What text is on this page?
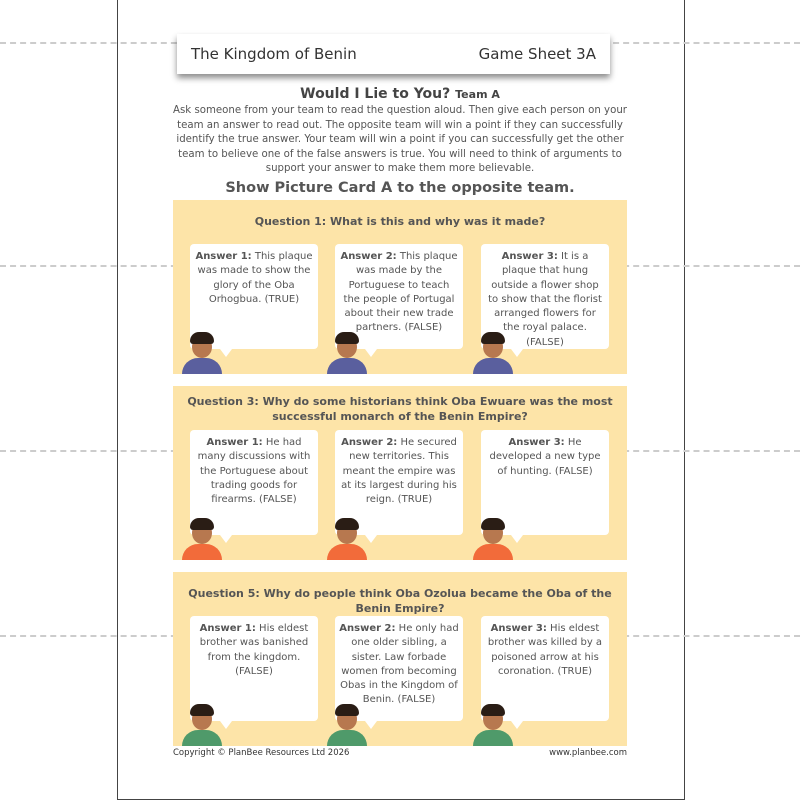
The Kingdom of Benin	Game Sheet 3A
Would I Lie to You? Team A
Ask someone from your team to read the question aloud. Then give each person on your team an answer to read out. The opposite team will win a point if they can successfully identify the true answer. Your team will win a point if you can successfully get the other team to believe one of the false answers is true. You will need to think of arguments to support your answer to make them more believable.
Show Picture Card A to the opposite team.
Question 1: What is this and why was it made?
Answer 1: This plaque was made to show the glory of the Oba Orhogbua. (TRUE)
Answer 2: This plaque was made by the Portuguese to teach the people of Portugal about their new trade partners. (FALSE)
Answer 3: It is a plaque that hung outside a flower shop to show that the florist arranged flowers for the royal palace. (FALSE)
Question 3: Why do some historians think Oba Ewuare was the most successful monarch of the Benin Empire?
Answer 1: He had many discussions with the Portuguese about trading goods for firearms. (FALSE)
Answer 2: He secured new territories. This meant the empire was at its largest during his reign. (TRUE)
Answer 3: He developed a new type of hunting. (FALSE)
Question 5: Why do people think Oba Ozolua became the Oba of the Benin Empire?
Answer 1: His eldest brother was banished from the kingdom. (FALSE)
Answer 2: He only had one older sibling, a sister. Law forbade women from becoming Obas in the Kingdom of Benin. (FALSE)
Answer 3: His eldest brother was killed by a poisoned arrow at his coronation. (TRUE)
Copyright © PlanBee Resources Ltd 2026	www.planbee.com
